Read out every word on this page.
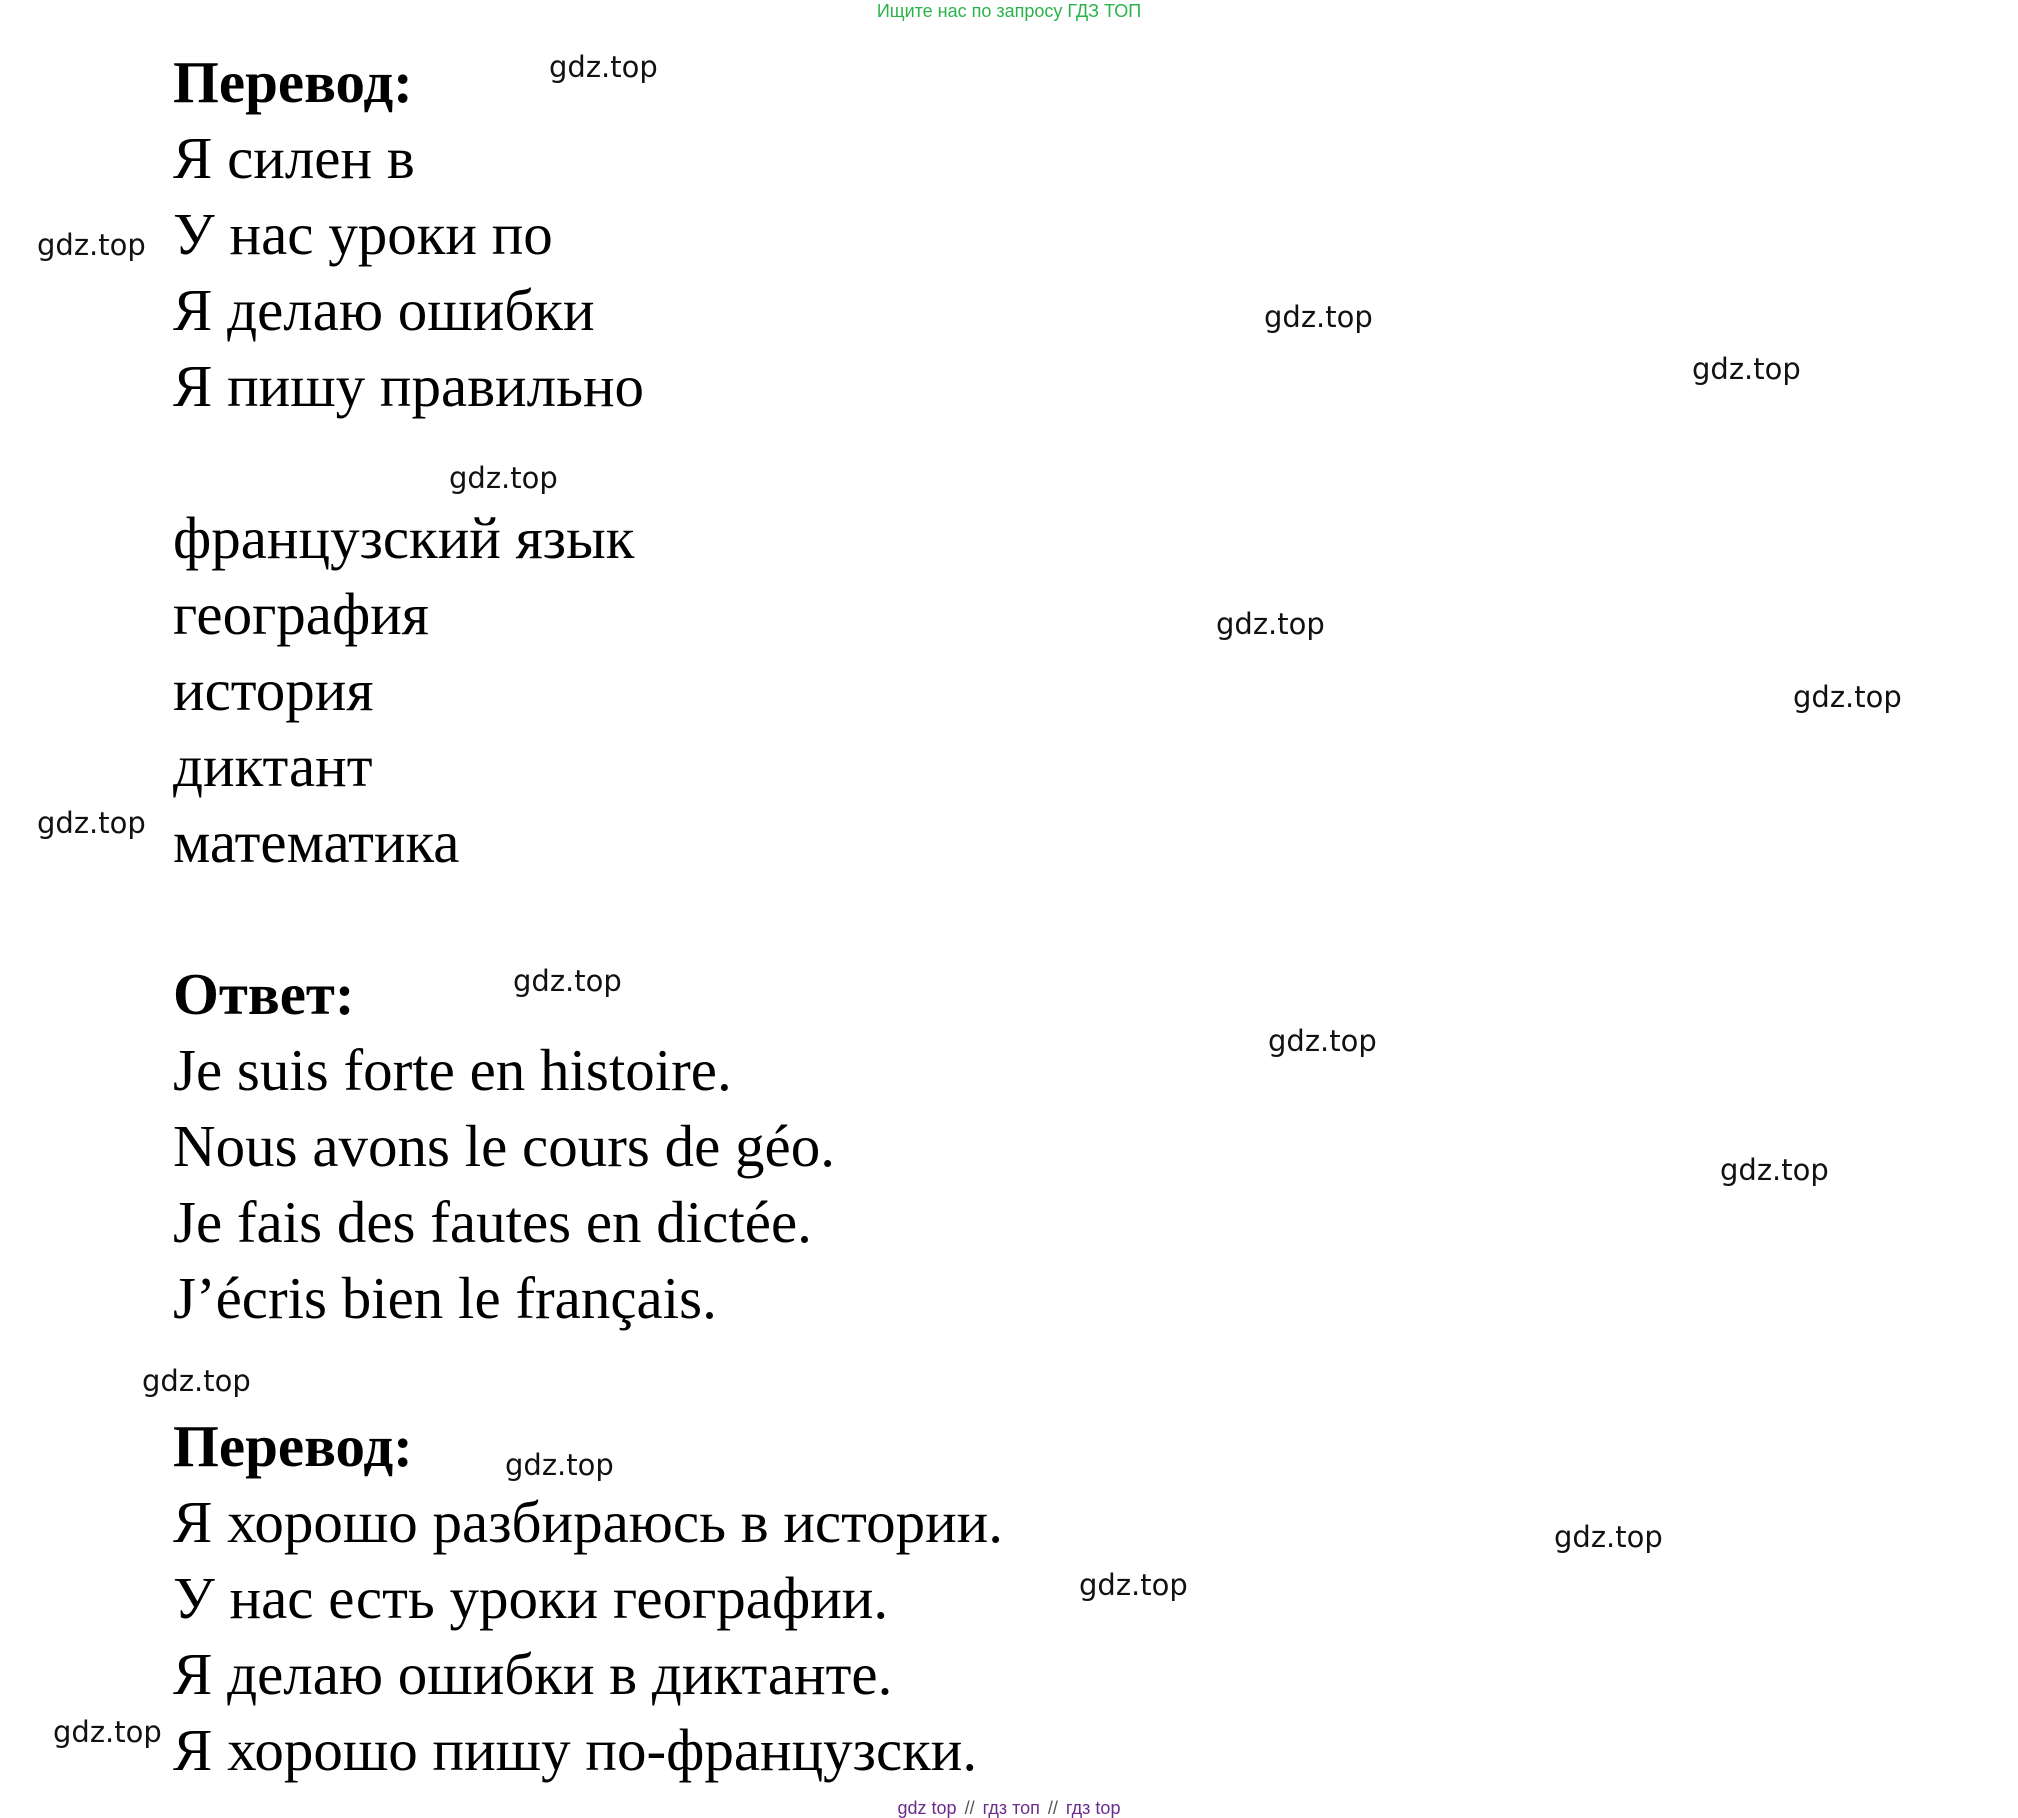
Ищите нас по запросу ГДЗ ТОП
Перевод:
Я силен в
У нас уроки по
Я делаю ошибки
Я пишу правильно
французский язык
география
история
диктант
математика
Ответ:
Je suis forte en histoire.
Nous avons le cours de géo.
Je fais des fautes en dictée.
J’écris bien le français.
Перевод:
Я хорошо разбираюсь в истории.
У нас есть уроки географии.
Я делаю ошибки в диктанте.
Я хорошо пишу по-французски.
gdz.top
gdz.top
gdz.top
gdz.top
gdz.top
gdz.top
gdz.top
gdz.top
gdz.top
gdz.top
gdz.top
gdz.top
gdz.top
gdz.top
gdz.top
gdz.top
gdz top // гдз топ // гдз top
